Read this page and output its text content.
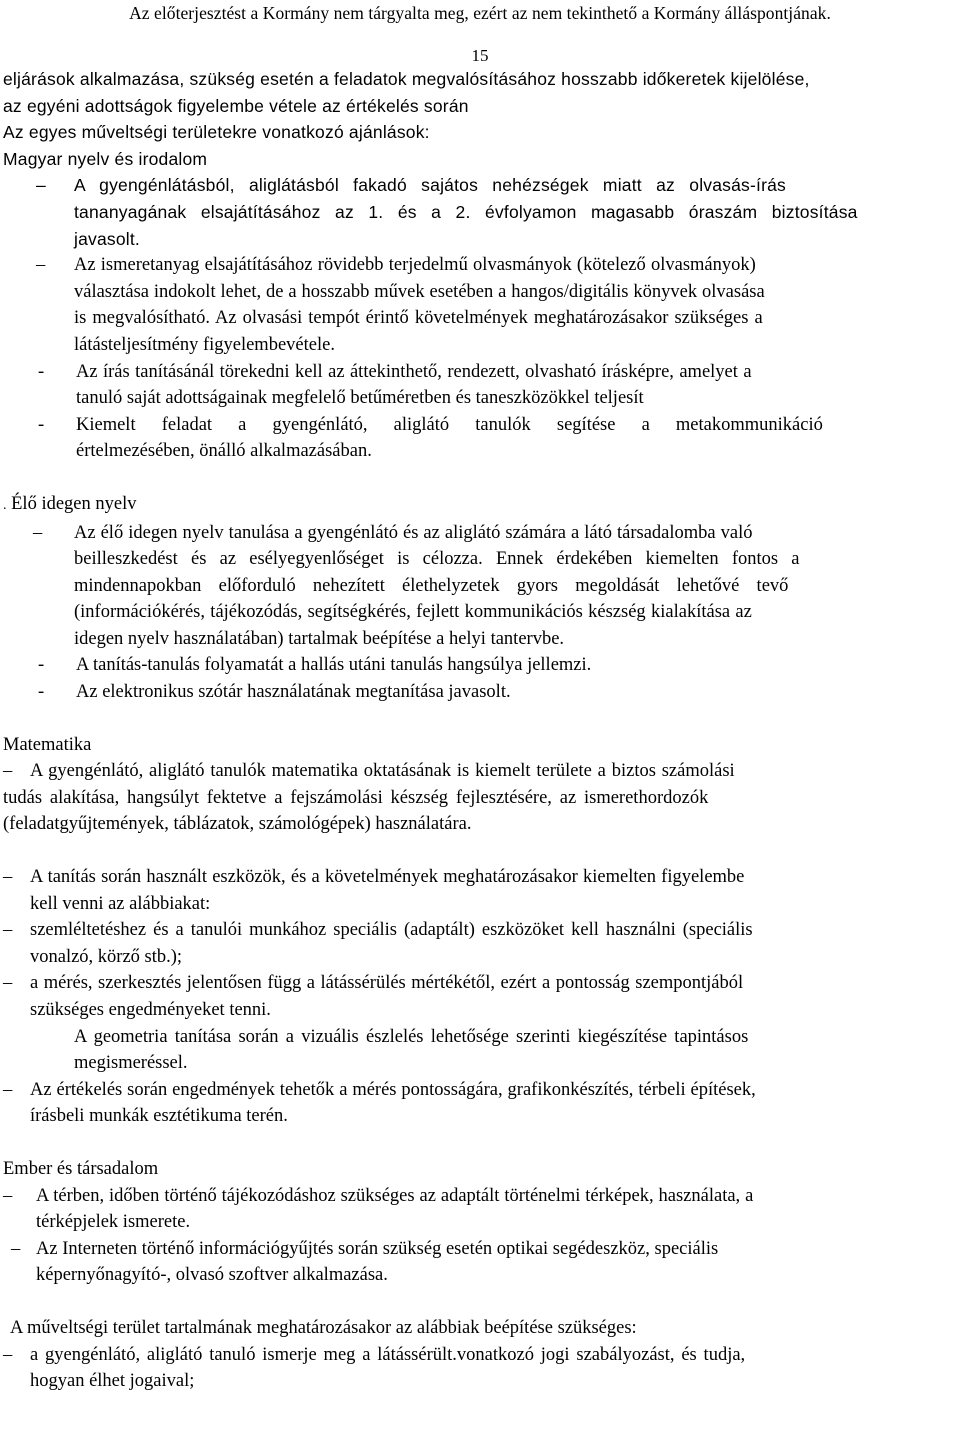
Az előterjesztést a Kormány nem tárgyalta meg, ezért az nem tekinthető a Kormány álláspontjának.
15
eljárások alkalmazása, szükség esetén a feladatok megvalósításához hosszabb időkeretek kijelölése,
az egyéni adottságok figyelembe vétele az értékelés során
Az egyes műveltségi területekre vonatkozó ajánlások:
Magyar nyelv és irodalom
– A gyengénlátásból, aliglátásból fakadó sajátos nehézségek miatt az olvasás-írás
tananyagának elsajátításához az 1. és a 2. évfolyamon magasabb óraszám biztosítása
javasolt.
– Az ismeretanyag elsajátításához rövidebb terjedelmű olvasmányok (kötelező olvasmányok)
választása indokolt lehet, de a hosszabb művek esetében a hangos/digitális könyvek olvasása
is megvalósítható. Az olvasási tempót érintő követelmények meghatározásakor szükséges a
látásteljesítmény figyelembevétele.
- Az írás tanításánál törekedni kell az áttekinthető, rendezett, olvasható írásképre, amelyet a
tanuló saját adottságainak megfelelő betűméretben és taneszközökkel teljesít
- Kiemelt feladat a gyengénlátó, aliglátó tanulók segítése a metakommunikáció
értelmezésében, önálló alkalmazásában.
. Élő idegen nyelv
– Az élő idegen nyelv tanulása a gyengénlátó és az aliglátó számára a látó társadalomba való
beilleszkedést és az esélyegyenlőséget is célozza. Ennek érdekében kiemelten fontos a
mindennapokban előforduló nehezített élethelyzetek gyors megoldását lehetővé tevő
(információkérés, tájékozódás, segítségkérés, fejlett kommunikációs készség kialakítása az
idegen nyelv használatában) tartalmak beépítése a helyi tantervbe.
- A tanítás-tanulás folyamatát a hallás utáni tanulás hangsúlya jellemzi.
- Az elektronikus szótár használatának megtanítása javasolt.
Matematika
– A gyengénlátó, aliglátó tanulók matematika oktatásának is kiemelt területe a biztos számolási
tudás alakítása, hangsúlyt fektetve a fejszámolási készség fejlesztésére, az ismerethordozók
(feladatgyűjtemények, táblázatok, számológépek) használatára.
– A tanítás során használt eszközök, és a követelmények meghatározásakor kiemelten figyelembe
kell venni az alábbiakat:
– szemléltetéshez és a tanulói munkához speciális (adaptált) eszközöket kell használni (speciális
vonalzó, körző stb.);
– a mérés, szerkesztés jelentősen függ a látássérülés mértékétől, ezért a pontosság szempontjából
szükséges engedményeket tenni.
A geometria tanítása során a vizuális észlelés lehetősége szerinti kiegészítése tapintásos
megismeréssel.
– Az értékelés során engedmények tehetők a mérés pontosságára, grafikonkészítés, térbeli építések,
írásbeli munkák esztétikuma terén.
Ember és társadalom
– A térben, időben történő tájékozódáshoz szükséges az adaptált történelmi térképek, használata, a
térképjelek ismerete.
– Az Interneten történő információgyűjtés során szükség esetén optikai segédeszköz, speciális
képernyőnagyító-, olvasó szoftver alkalmazása.
A műveltségi terület tartalmának meghatározásakor az alábbiak beépítése szükséges:
– a gyengénlátó, aliglátó tanuló ismerje meg a látássérült.vonatkozó jogi szabályozást, és tudja,
hogyan élhet jogaival;
